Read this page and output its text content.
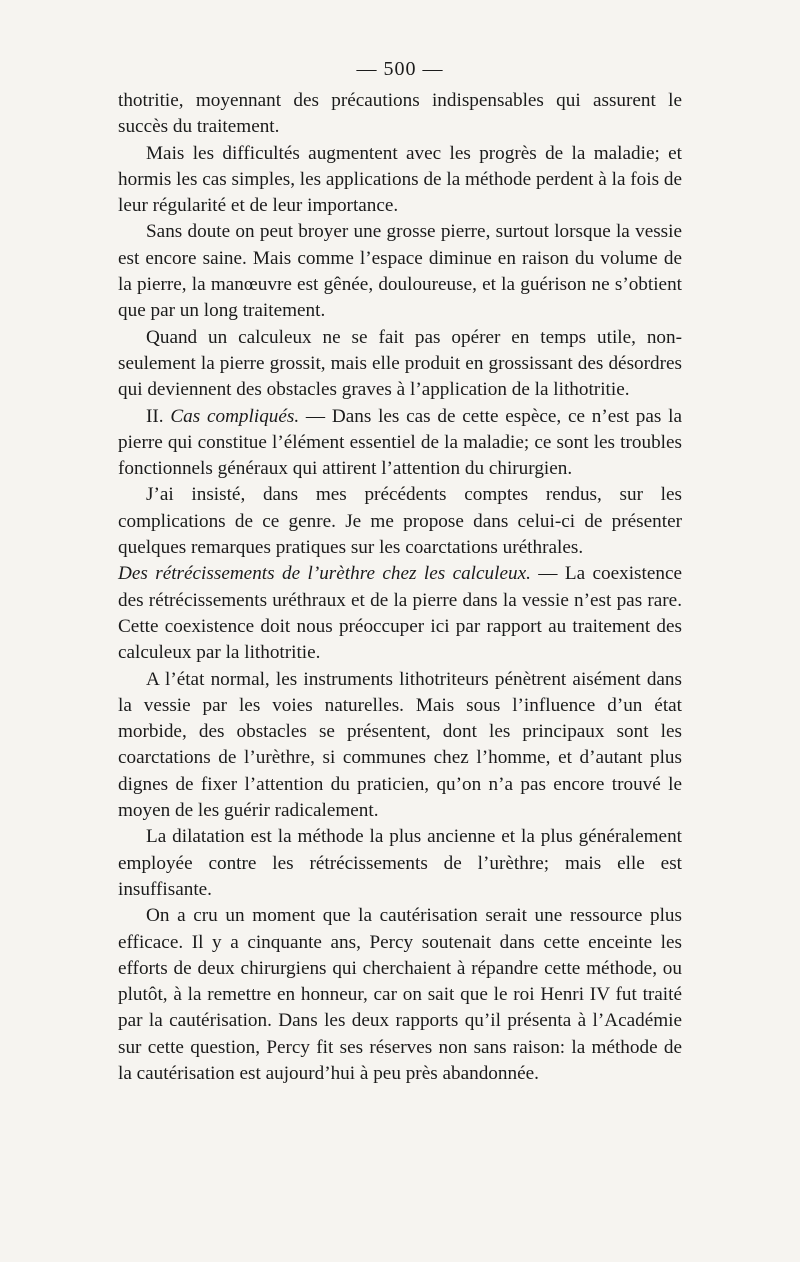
— 500 —

thotritie, moyennant des précautions indispensables qui assurent le succès du traitement.

Mais les difficultés augmentent avec les progrès de la maladie; et hormis les cas simples, les applications de la méthode perdent à la fois de leur régularité et de leur importance.

Sans doute on peut broyer une grosse pierre, surtout lorsque la vessie est encore saine. Mais comme l’espace diminue en raison du volume de la pierre, la manœuvre est gênée, douloureuse, et la guérison ne s’obtient que par un long traitement.

Quand un calculeux ne se fait pas opérer en temps utile, non-seulement la pierre grossit, mais elle produit en grossissant des désordres qui deviennent des obstacles graves à l’application de la lithotritie.

II. Cas compliqués. — Dans les cas de cette espèce, ce n’est pas la pierre qui constitue l’élément essentiel de la maladie; ce sont les troubles fonctionnels généraux qui attirent l’attention du chirurgien.

J’ai insisté, dans mes précédents comptes rendus, sur les complications de ce genre. Je me propose dans celui-ci de présenter quelques remarques pratiques sur les coarctations uréthrales.

Des rétrécissements de l’urèthre chez les calculeux. — La coexistence des rétrécissements uréthraux et de la pierre dans la vessie n’est pas rare. Cette coexistence doit nous préoccuper ici par rapport au traitement des calculeux par la lithotritie.

A l’état normal, les instruments lithotriteurs pénètrent aisément dans la vessie par les voies naturelles. Mais sous l’influence d’un état morbide, des obstacles se présentent, dont les principaux sont les coarctations de l’urèthre, si communes chez l’homme, et d’autant plus dignes de fixer l’attention du praticien, qu’on n’a pas encore trouvé le moyen de les guérir radicalement.

La dilatation est la méthode la plus ancienne et la plus généralement employée contre les rétrécissements de l’urèthre; mais elle est insuffisante.

On a cru un moment que la cautérisation serait une ressource plus efficace. Il y a cinquante ans, Percy soutenait dans cette enceinte les efforts de deux chirurgiens qui cherchaient à répandre cette méthode, ou plutôt, à la remettre en honneur, car on sait que le roi Henri IV fut traité par la cautérisation. Dans les deux rapports qu’il présenta à l’Académie sur cette question, Percy fit ses réserves non sans raison: la méthode de la cautérisation est aujourd’hui à peu près abandonnée.
